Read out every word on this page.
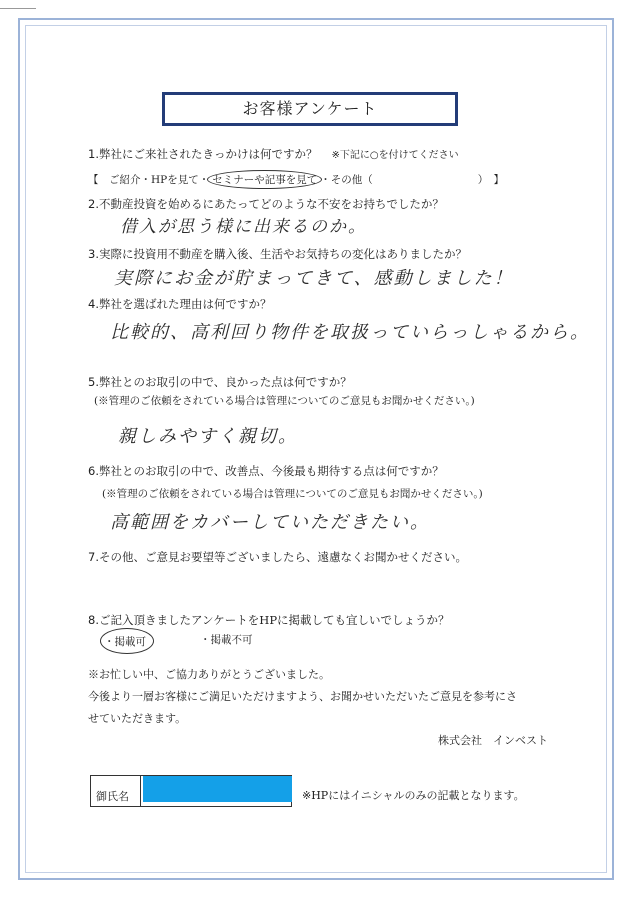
お客様アンケート
1.弊社にご来社されたきっかけは何ですか？ ※下記に○を付けてください
【　ご紹介・HPを見て・ セミナーや記事を見て ・その他（　　　　　　　　　　）　】
2.不動産投資を始めるにあたってどのような不安をお持ちでしたか？
借入が思う様に出来るのか。
3.実際に投資用不動産を購入後、生活やお気持ちの変化はありましたか？
実際にお金が貯まってきて、感動しました！
4.弊社を選ばれた理由は何ですか？
比較的、高利回り物件を取扱っていらっしゃるから。
5.弊社とのお取引の中で、良かった点は何ですか？
(※管理のご依頼をされている場合は管理についてのご意見もお聞かせください。)
親しみやすく親切。
6.弊社とのお取引の中で、改善点、今後最も期待する点は何ですか？
(※管理のご依頼をされている場合は管理についてのご意見もお聞かせください。)
高範囲をカバーしていただきたい。
7.その他、ご意見お要望等ございましたら、遠慮なくお聞かせください。
8.ご記入頂きましたアンケートをHPに掲載しても宜しいでしょうか？
・掲載可	・掲載不可
※お忙しい中、ご協力ありがとうございました。
今後より一層お客様にご満足いただけますよう、お聞かせいただいたご意見を参考にさ
せていただきます。
株式会社　インベスト
御氏名	※HPにはイニシャルのみの記載となります。
